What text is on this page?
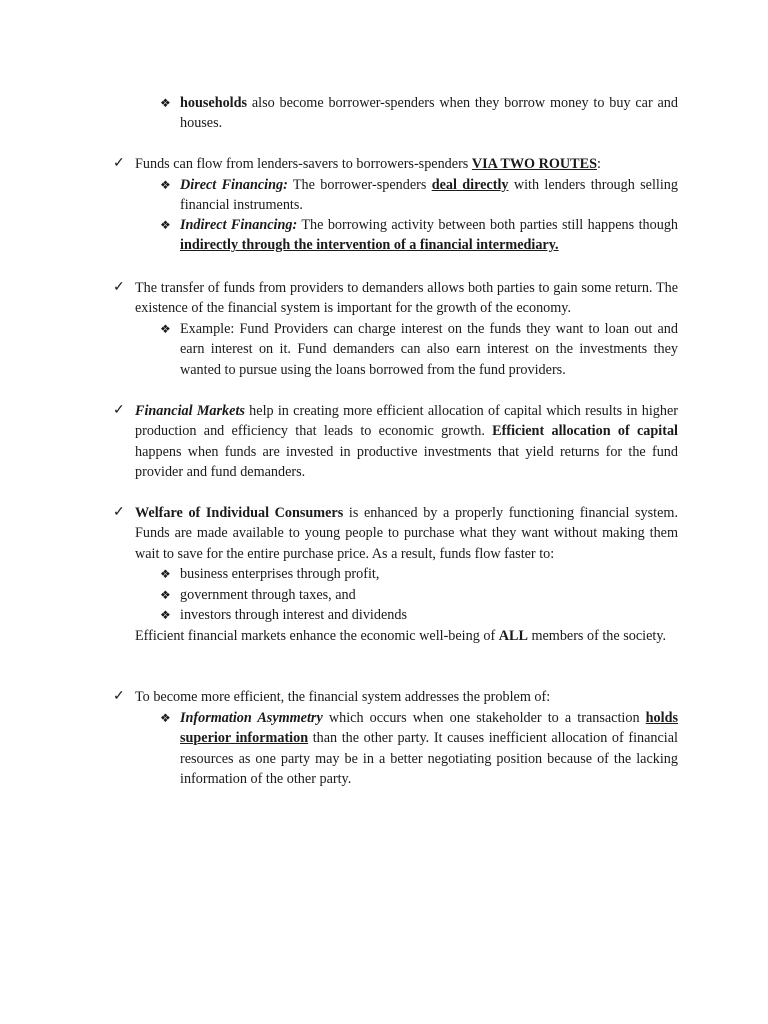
❖ households also become borrower-spenders when they borrow money to buy car and houses.
✓ Funds can flow from lenders-savers to borrowers-spenders VIA TWO ROUTES:
❖ Direct Financing: The borrower-spenders deal directly with lenders through selling financial instruments.
❖ Indirect Financing: The borrowing activity between both parties still happens though indirectly through the intervention of a financial intermediary.
✓ The transfer of funds from providers to demanders allows both parties to gain some return. The existence of the financial system is important for the growth of the economy.
❖ Example: Fund Providers can charge interest on the funds they want to loan out and earn interest on it. Fund demanders can also earn interest on the investments they wanted to pursue using the loans borrowed from the fund providers.
✓ Financial Markets help in creating more efficient allocation of capital which results in higher production and efficiency that leads to economic growth. Efficient allocation of capital happens when funds are invested in productive investments that yield returns for the fund provider and fund demanders.
✓ Welfare of Individual Consumers is enhanced by a properly functioning financial system. Funds are made available to young people to purchase what they want without making them wait to save for the entire purchase price. As a result, funds flow faster to:
❖ business enterprises through profit,
❖ government through taxes, and
❖ investors through interest and dividends
Efficient financial markets enhance the economic well-being of ALL members of the society.
✓ To become more efficient, the financial system addresses the problem of:
❖ Information Asymmetry which occurs when one stakeholder to a transaction holds superior information than the other party. It causes inefficient allocation of financial resources as one party may be in a better negotiating position because of the lacking information of the other party.
